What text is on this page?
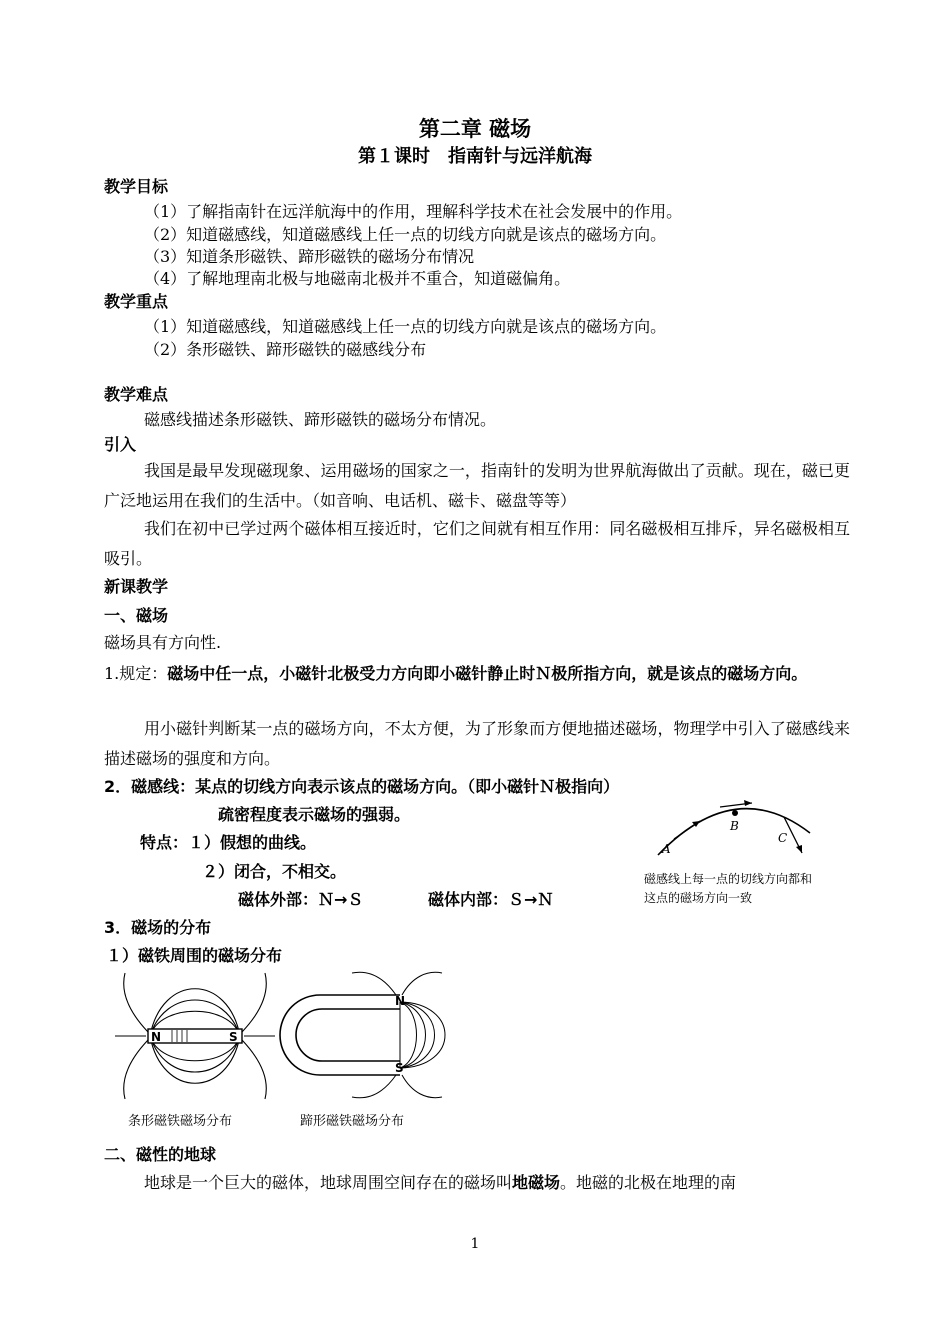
第二章 磁场
第１课时　指南针与远洋航海
教学目标
（1）了解指南针在远洋航海中的作用，理解科学技术在社会发展中的作用。
（2）知道磁感线，知道磁感线上任一点的切线方向就是该点的磁场方向。
（3）知道条形磁铁、蹄形磁铁的磁场分布情况
（4）了解地理南北极与地磁南北极并不重合，知道磁偏角。
教学重点
（1）知道磁感线，知道磁感线上任一点的切线方向就是该点的磁场方向。
（2）条形磁铁、蹄形磁铁的磁感线分布
教学难点
磁感线描述条形磁铁、蹄形磁铁的磁场分布情况。
引入
我国是最早发现磁现象、运用磁场的国家之一，指南针的发明为世界航海做出了贡献。现在，磁已更广泛地运用在我们的生活中。（如音响、电话机、磁卡、磁盘等等）
我们在初中已学过两个磁体相互接近时，它们之间就有相互作用：同名磁极相互排斥，异名磁极相互吸引。
新课教学
一、磁场
磁场具有方向性.
1.规定：磁场中任一点，小磁针北极受力方向即小磁针静止时Ｎ极所指方向，就是该点的磁场方向。
用小磁针判断某一点的磁场方向，不太方便，为了形象而方便地描述磁场，物理学中引入了磁感线来描述磁场的强度和方向。
2．磁感线：某点的切线方向表示该点的磁场方向。（即小磁针Ｎ极指向）
疏密程度表示磁场的强弱。
特点：１）假想的曲线。
２）闭合，不相交。
磁体外部：Ｎ→Ｓ	磁体内部：Ｓ→Ｎ
3．磁场的分布
１）磁铁周围的磁场分布
A
B
C
磁感线上每一点的切线方向都和
这点的磁场方向一致
N	S
条形磁铁磁场分布
N
S
蹄形磁铁磁场分布
二、磁性的地球
地球是一个巨大的磁体，地球周围空间存在的磁场叫地磁场。地磁的北极在地理的南
1
